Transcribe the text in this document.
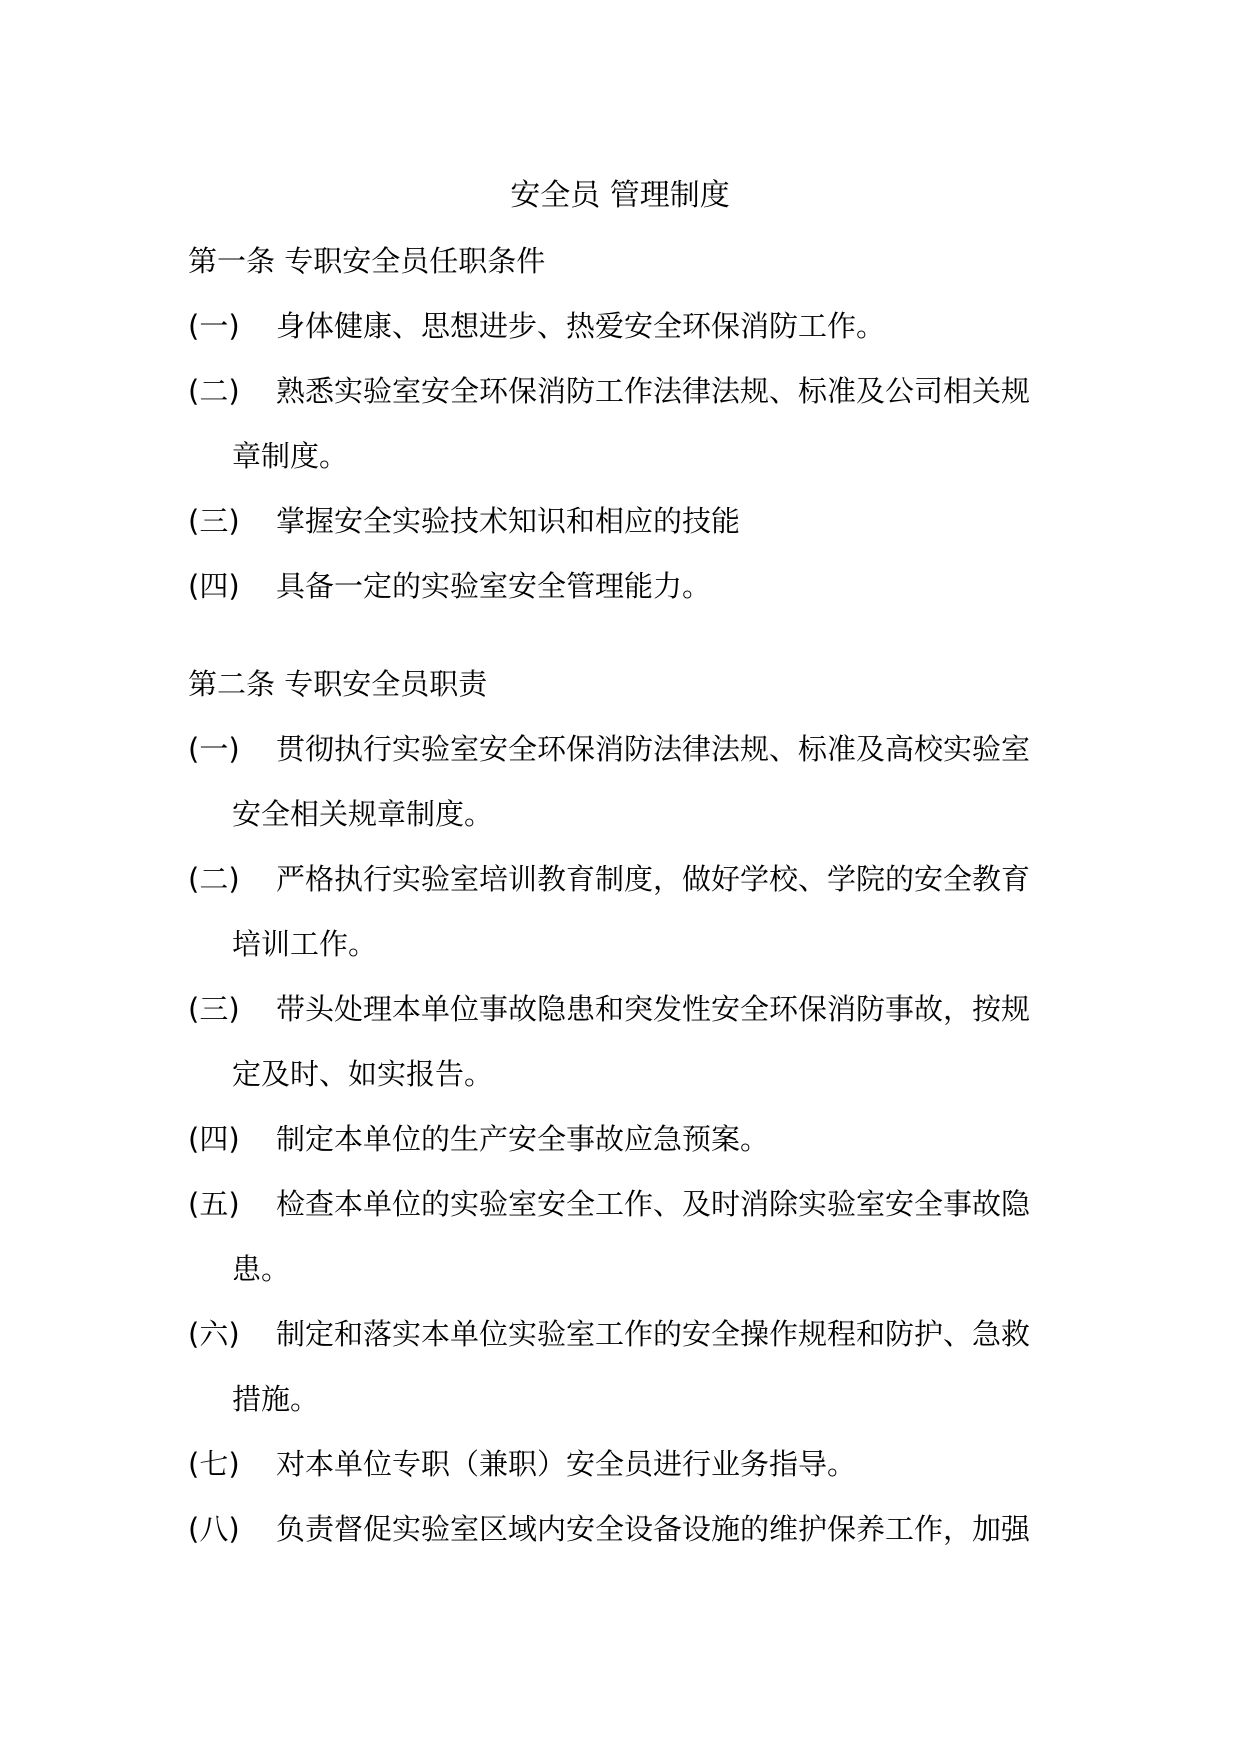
安全员 管理制度
第一条 专职安全员任职条件
(一) 身体健康、思想进步、热爱安全环保消防工作。
(二) 熟悉实验室安全环保消防工作法律法规、标准及公司相关规
章制度。
(三) 掌握安全实验技术知识和相应的技能
(四) 具备一定的实验室安全管理能力。
第二条 专职安全员职责
(一) 贯彻执行实验室安全环保消防法律法规、标准及高校实验室
安全相关规章制度。
(二) 严格执行实验室培训教育制度，做好学校、学院的安全教育
培训工作。
(三) 带头处理本单位事故隐患和突发性安全环保消防事故，按规
定及时、如实报告。
(四) 制定本单位的生产安全事故应急预案。
(五) 检查本单位的实验室安全工作、及时消除实验室安全事故隐
患。
(六) 制定和落实本单位实验室工作的安全操作规程和防护、急救
措施。
(七) 对本单位专职（兼职）安全员进行业务指导。
(八) 负责督促实验室区域内安全设备设施的维护保养工作，加强
